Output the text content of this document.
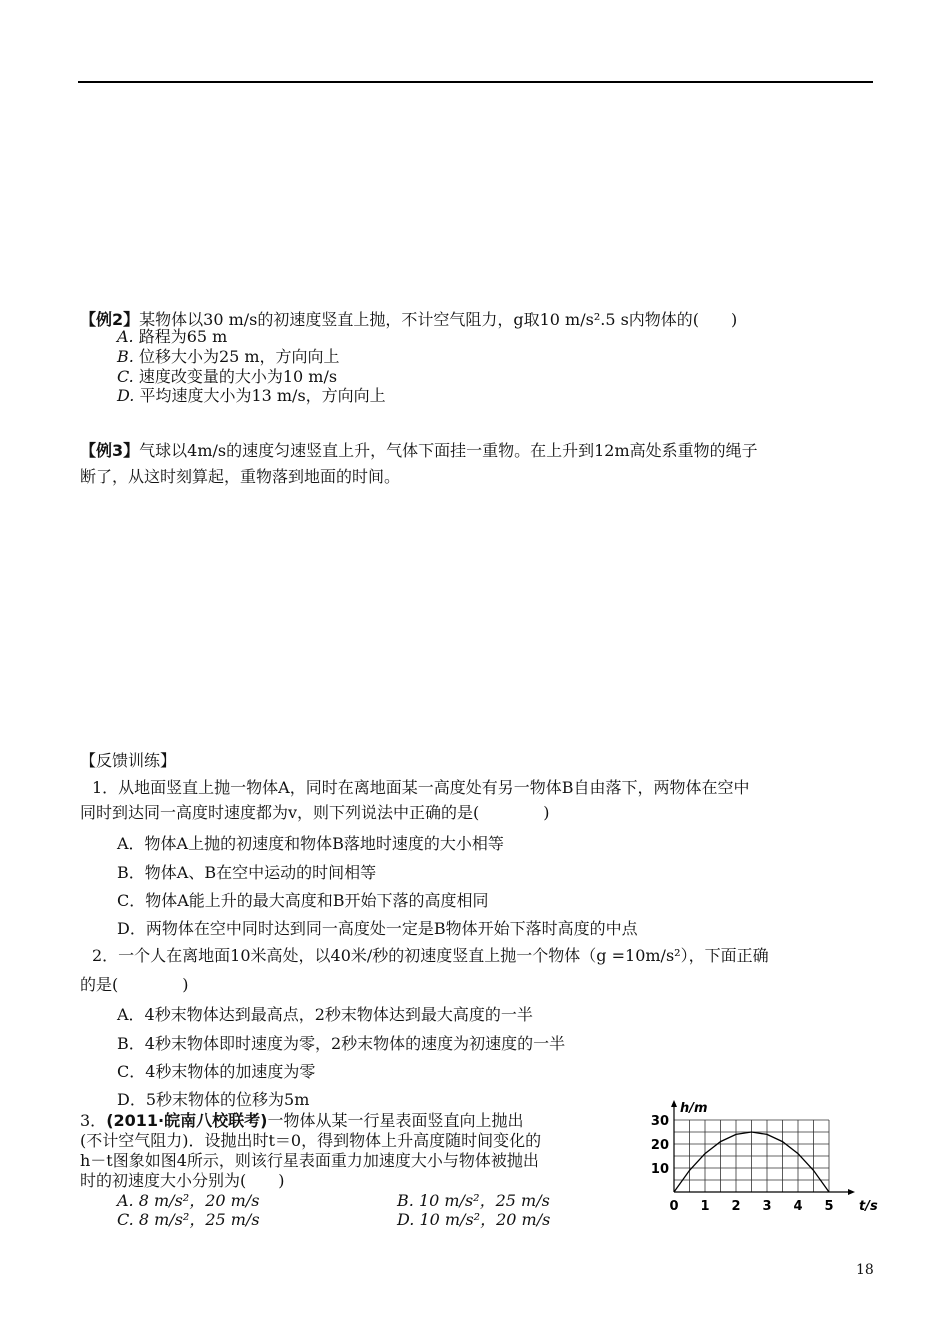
【例2】某物体以30 m/s的初速度竖直上抛，不计空气阻力，g取10 m/s².5 s内物体的(　　)
A. 路程为65 m
B. 位移大小为25 m，方向向上
C. 速度改变量的大小为10 m/s
D. 平均速度大小为13 m/s，方向向上
【例3】气球以4m/s的速度匀速竖直上升，气体下面挂一重物。在上升到12m高处系重物的绳子
断了，从这时刻算起，重物落到地面的时间。
【反馈训练】
1．从地面竖直上抛一物体A，同时在离地面某一高度处有另一物体B自由落下，两物体在空中
同时到达同一高度时速度都为v，则下列说法中正确的是(　　　　)
A．物体A上抛的初速度和物体B落地时速度的大小相等
B．物体A、B在空中运动的时间相等
C．物体A能上升的最大高度和B开始下落的高度相同
D．两物体在空中同时达到同一高度处一定是B物体开始下落时高度的中点
2．一个人在离地面10米高处，以40米/秒的初速度竖直上抛一个物体（g =10m/s²），下面正确
的是(　　　　)
A．4秒末物体达到最高点，2秒末物体达到最大高度的一半
B．4秒末物体即时速度为零，2秒末物体的速度为初速度的一半
C．4秒末物体的加速度为零
D．5秒末物体的位移为5m
3．(2011·皖南八校联考)一物体从某一行星表面竖直向上抛出
(不计空气阻力)．设抛出时t＝0，得到物体上升高度随时间变化的
h－t图象如图4所示，则该行星表面重力加速度大小与物体被抛出
时的初速度大小分别为(　　)
A. 8 m/s²，20 m/s	B. 10 m/s²，25 m/s
C. 8 m/s²，25 m/s	D. 10 m/s²，20 m/s
0 1 2 3 4 5
10
20
30
t/s
h/m
18
